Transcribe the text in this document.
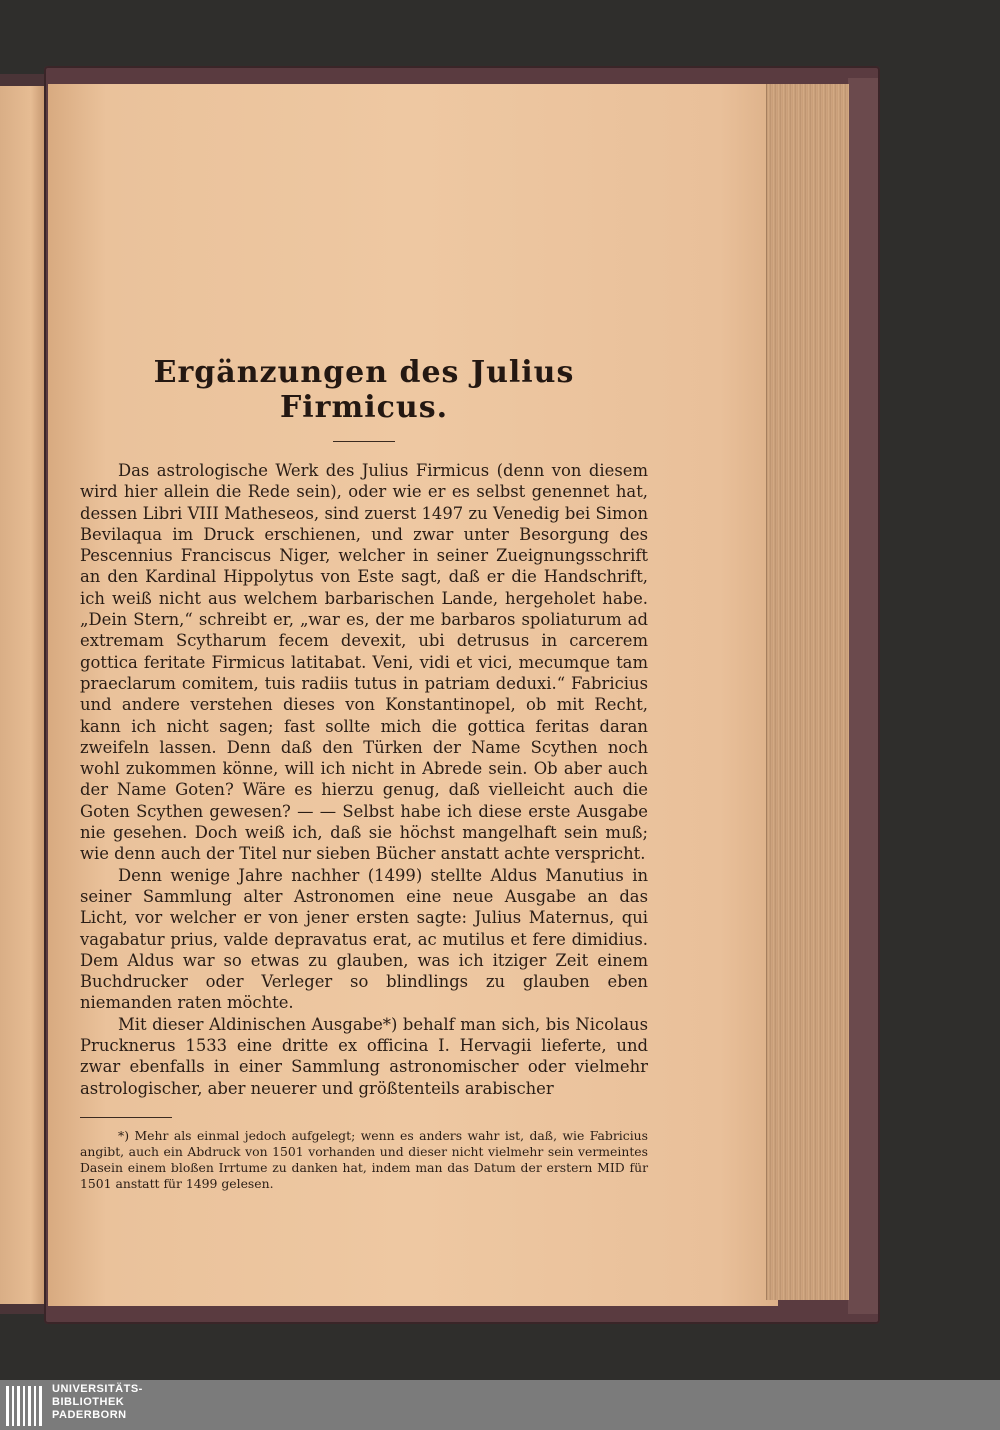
Ergänzungen des Julius Firmicus.

Das astrologische Werk des Julius Firmicus (denn von diesem wird hier allein die Rede sein), oder wie er es selbst genennet hat, dessen Libri VIII Matheseos, sind zuerst 1497 zu Venedig bei Simon Bevilaqua im Druck erschienen, und zwar unter Besorgung des Pescennius Franciscus Niger, welcher in seiner Zueignungsschrift an den Kardinal Hippolytus von Este sagt, daß er die Handschrift, ich weiß nicht aus welchem barbarischen Lande, hergeholet habe. „Dein Stern,“ schreibt er, „war es, der me barbaros spoliaturum ad extremam Scytharum fecem devexit, ubi detrusus in carcerem gottica feritate Firmicus latitabat. Veni, vidi et vici, mecumque tam praeclarum comitem, tuis radiis tutus in patriam deduxi.“ Fabricius und andere verstehen dieses von Konstantinopel, ob mit Recht, kann ich nicht sagen; fast sollte mich die gottica feritas daran zweifeln lassen. Denn daß den Türken der Name Scythen noch wohl zukommen könne, will ich nicht in Abrede sein. Ob aber auch der Name Goten? Wäre es hierzu genug, daß vielleicht auch die Goten Scythen gewesen? — — Selbst habe ich diese erste Ausgabe nie gesehen. Doch weiß ich, daß sie höchst mangelhaft sein muß; wie denn auch der Titel nur sieben Bücher anstatt achte verspricht.

Denn wenige Jahre nachher (1499) stellte Aldus Manutius in seiner Sammlung alter Astronomen eine neue Ausgabe an das Licht, vor welcher er von jener ersten sagte: Julius Maternus, qui vagabatur prius, valde depravatus erat, ac mutilus et fere dimidius. Dem Aldus war so etwas zu glauben, was ich itziger Zeit einem Buchdrucker oder Verleger so blindlings zu glauben eben niemanden raten möchte.

Mit dieser Aldinischen Ausgabe*) behalf man sich, bis Nicolaus Prucknerus 1533 eine dritte ex officina I. Hervagii lieferte, und zwar ebenfalls in einer Sammlung astronomischer oder vielmehr astrologischer, aber neuerer und größtenteils arabischer

*) Mehr als einmal jedoch aufgelegt; wenn es anders wahr ist, daß, wie Fabricius angibt, auch ein Abdruck von 1501 vorhanden und dieser nicht vielmehr sein vermeintes Dasein einem bloßen Irrtume zu danken hat, indem man das Datum der erstern MID für 1501 anstatt für 1499 gelesen.

UNIVERSITÄTS-
BIBLIOTHEK
PADERBORN
